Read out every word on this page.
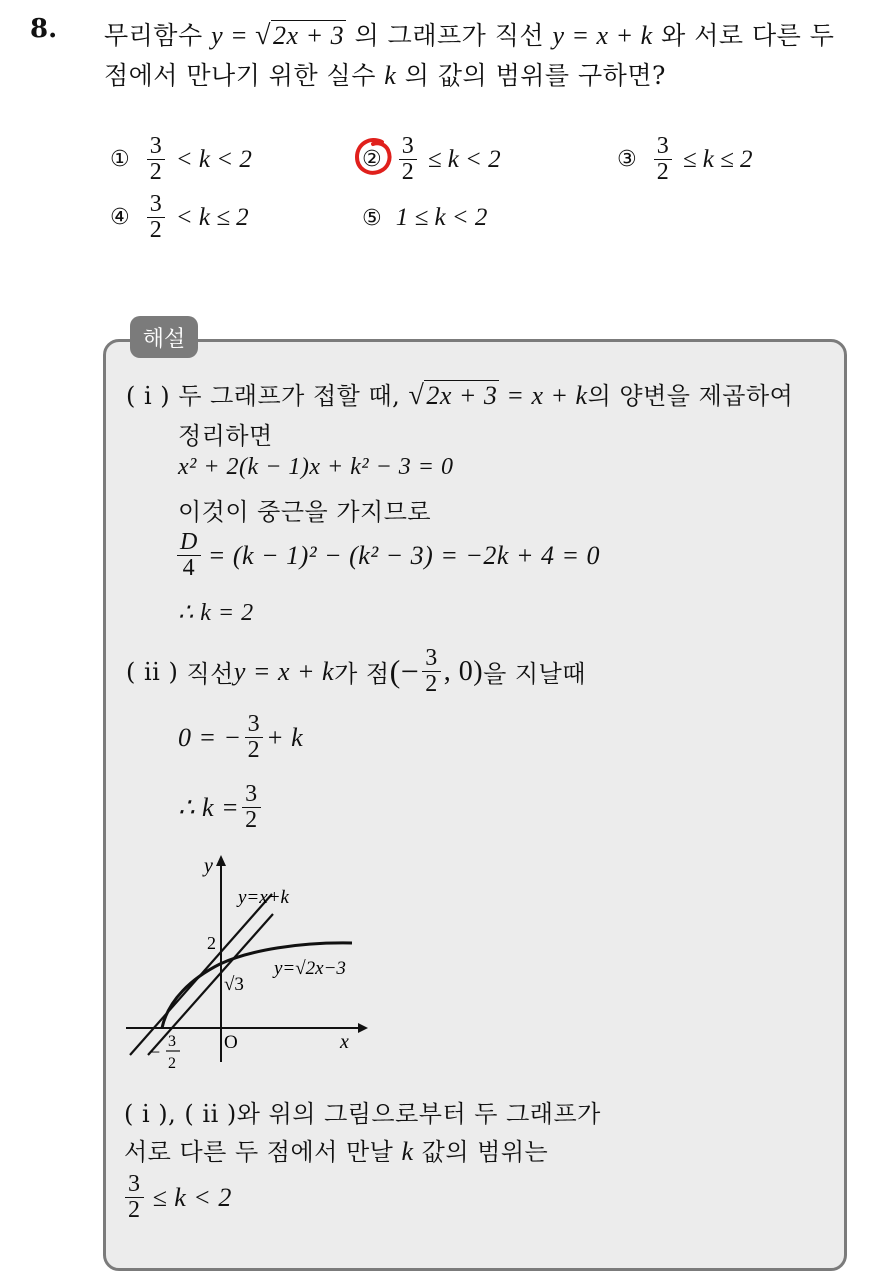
8. 무리함수 y = √2x + 3 의 그래프가 직선 y = x + k 와 서로 다른 두
점에서 만나기 위한 실수 k 의 값의 범위를 구하면?
① $\frac{3}{2} < k < 2$	② $\frac{3}{2} \le k < 2$	③ $\frac{3}{2} \le k \le 2$
④ $\frac{3}{2} < k \le 2$	⑤ 1 ≤ k < 2
해설
( i ) 두 그래프가 접할 때, √2x + 3 = x + k의 양변을 제곱하여
정리하면
x² + 2(k − 1)x + k² − 3 = 0
이것이 중근을 가지므로
$\frac{D}{4} = (k - 1)^2 - (k^2 - 3) = -2k + 4 = 0$
∴ k = 2
( ii )
직선 y = x + k 가 점 (− $\frac{3}{2}$ , 0) 을 지날때
0 = − $\frac{3}{2} + k$
∴ $k = \frac{3}{2}$
y
x
O
2
√3
y=x+k
y=√2x−3
−
3
2
( i ), ( ii )와 위의 그림으로부터 두 그래프가
서로 다른 두 점에서 만날 k 값의 범위는
$\frac{3}{2} \le k < 2$
